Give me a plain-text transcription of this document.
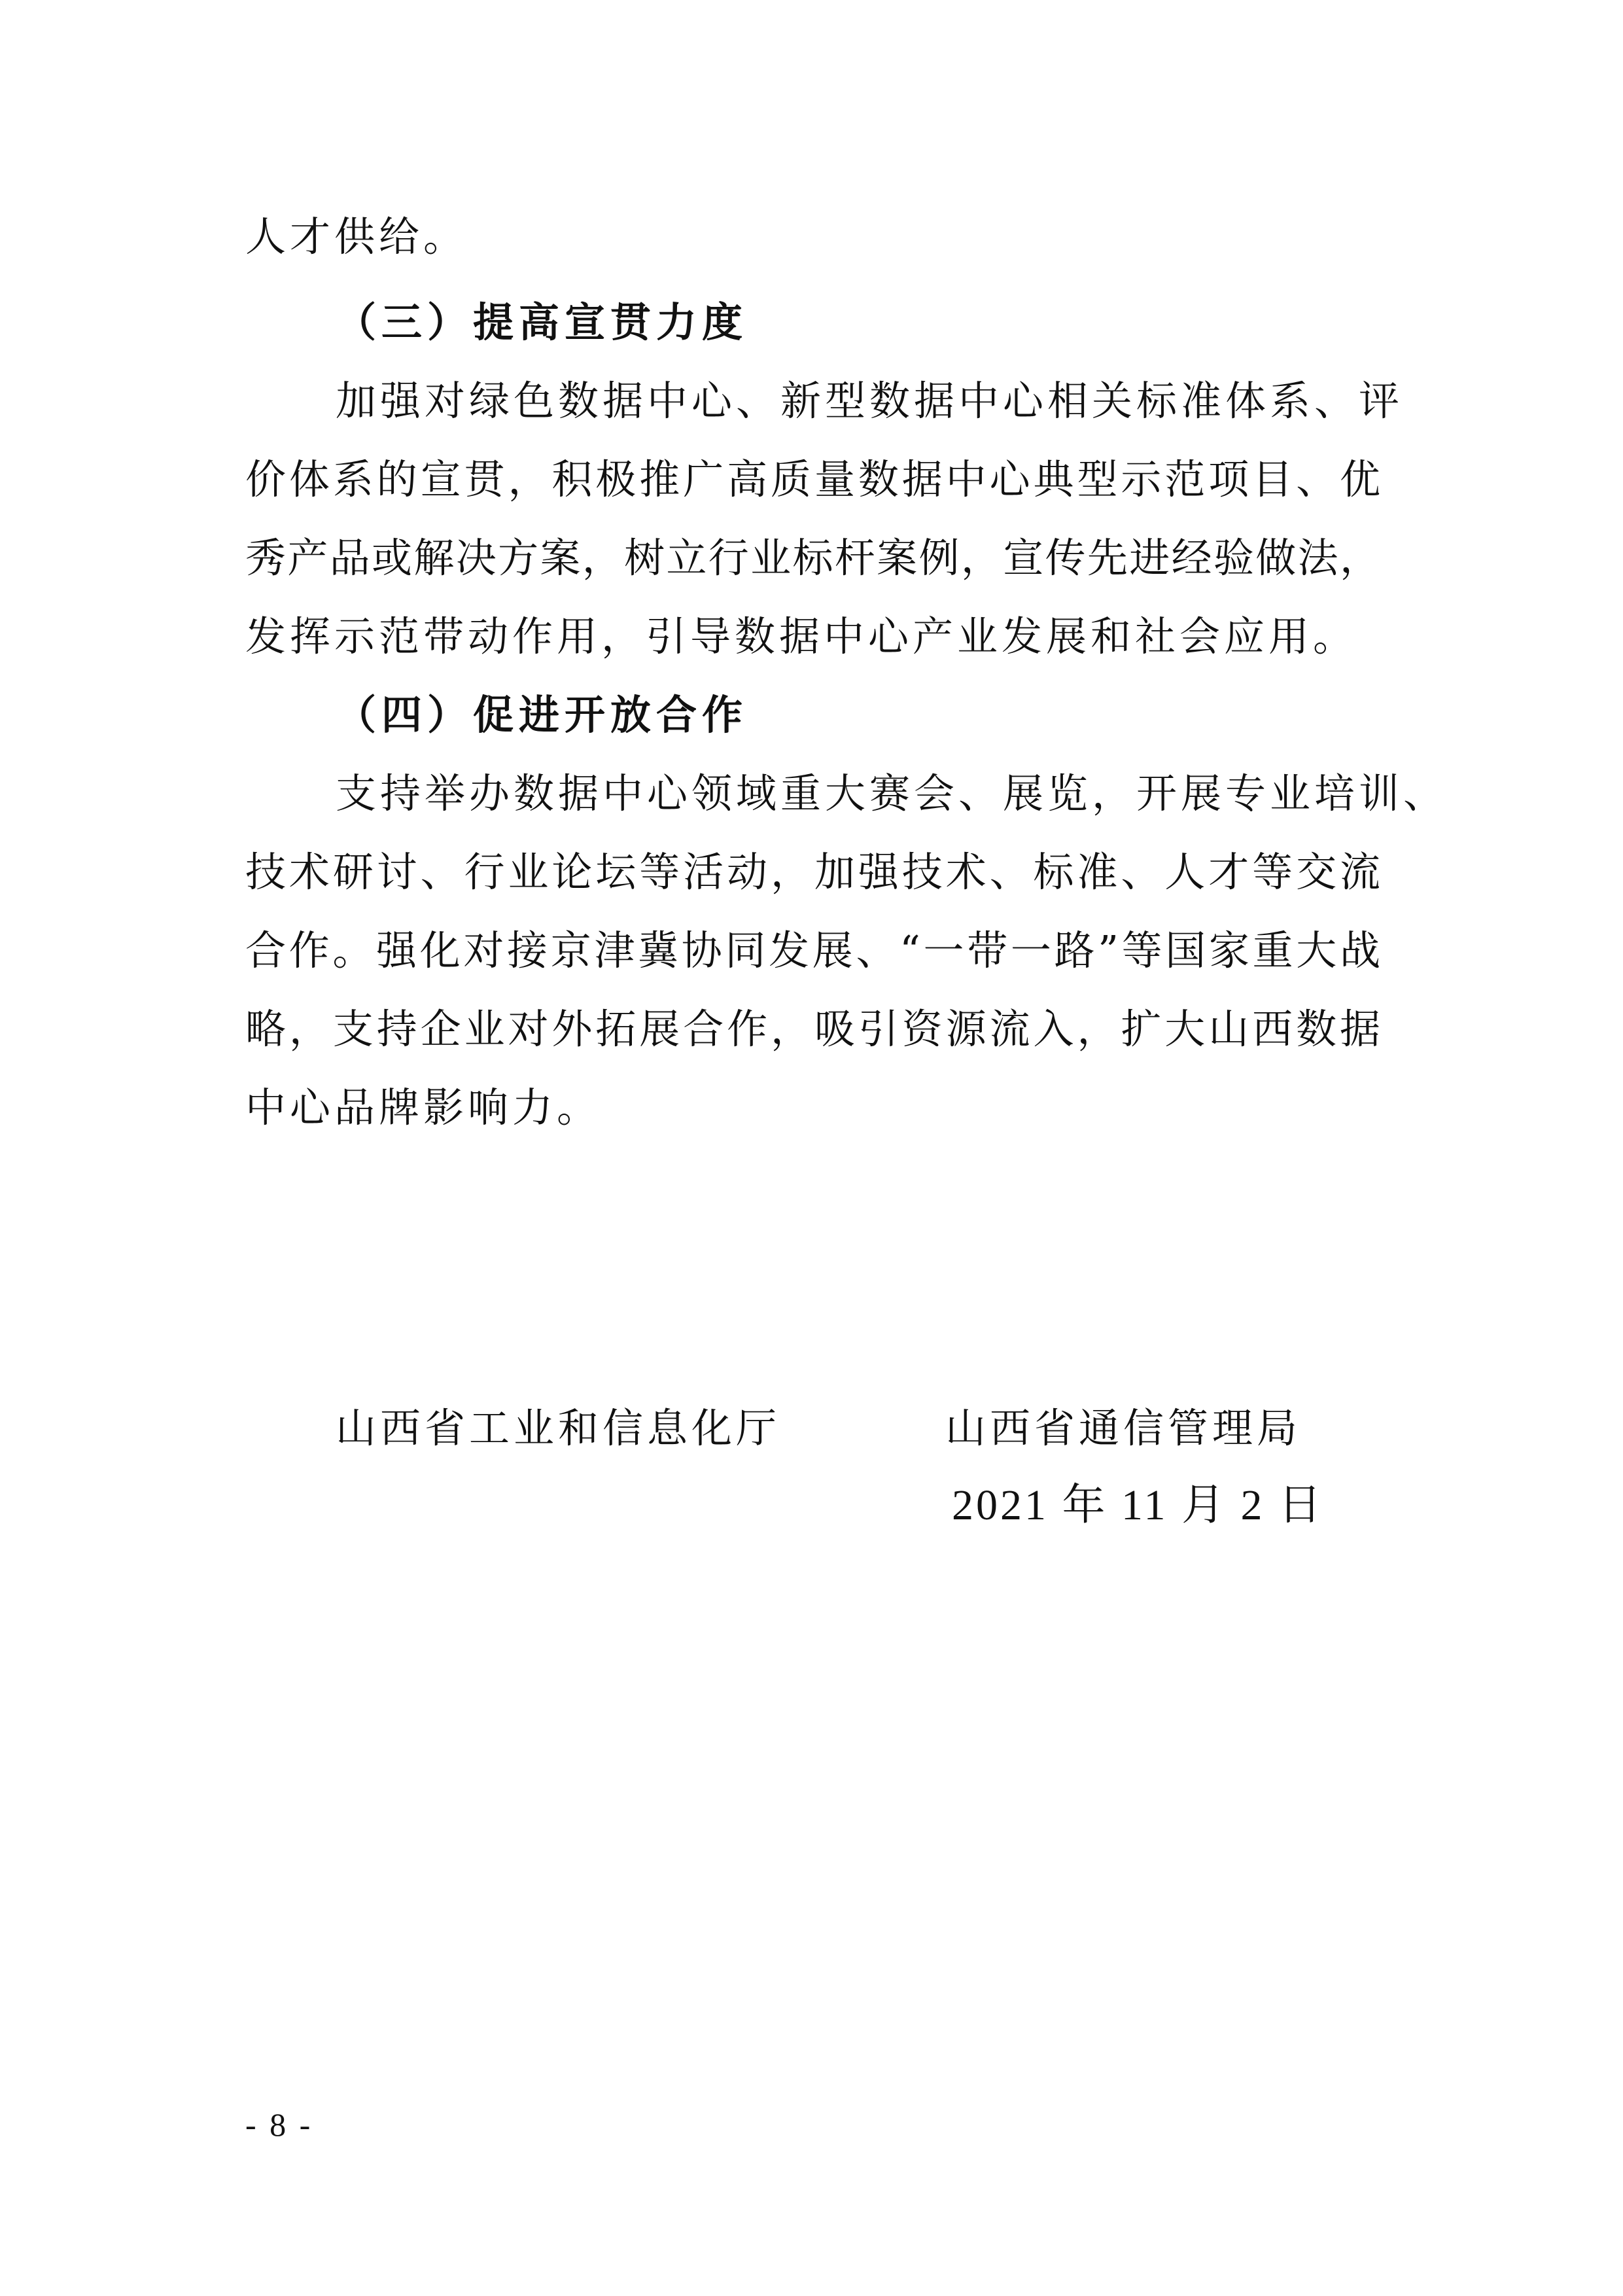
人才供给。
（三）提高宣贯力度
加强对绿色数据中心、新型数据中心相关标准体系、评
价体系的宣贯，积极推广高质量数据中心典型示范项目、优
秀产品或解决方案，树立行业标杆案例，宣传先进经验做法，
发挥示范带动作用，引导数据中心产业发展和社会应用。
（四）促进开放合作
支持举办数据中心领域重大赛会、展览，开展专业培训、
技术研讨、行业论坛等活动，加强技术、标准、人才等交流
合作。强化对接京津冀协同发展、“一带一路”等国家重大战
略，支持企业对外拓展合作，吸引资源流入，扩大山西数据
中心品牌影响力。
山西省工业和信息化厅	山西省通信管理局
2021 年 11 月 2 日
- 8 -
